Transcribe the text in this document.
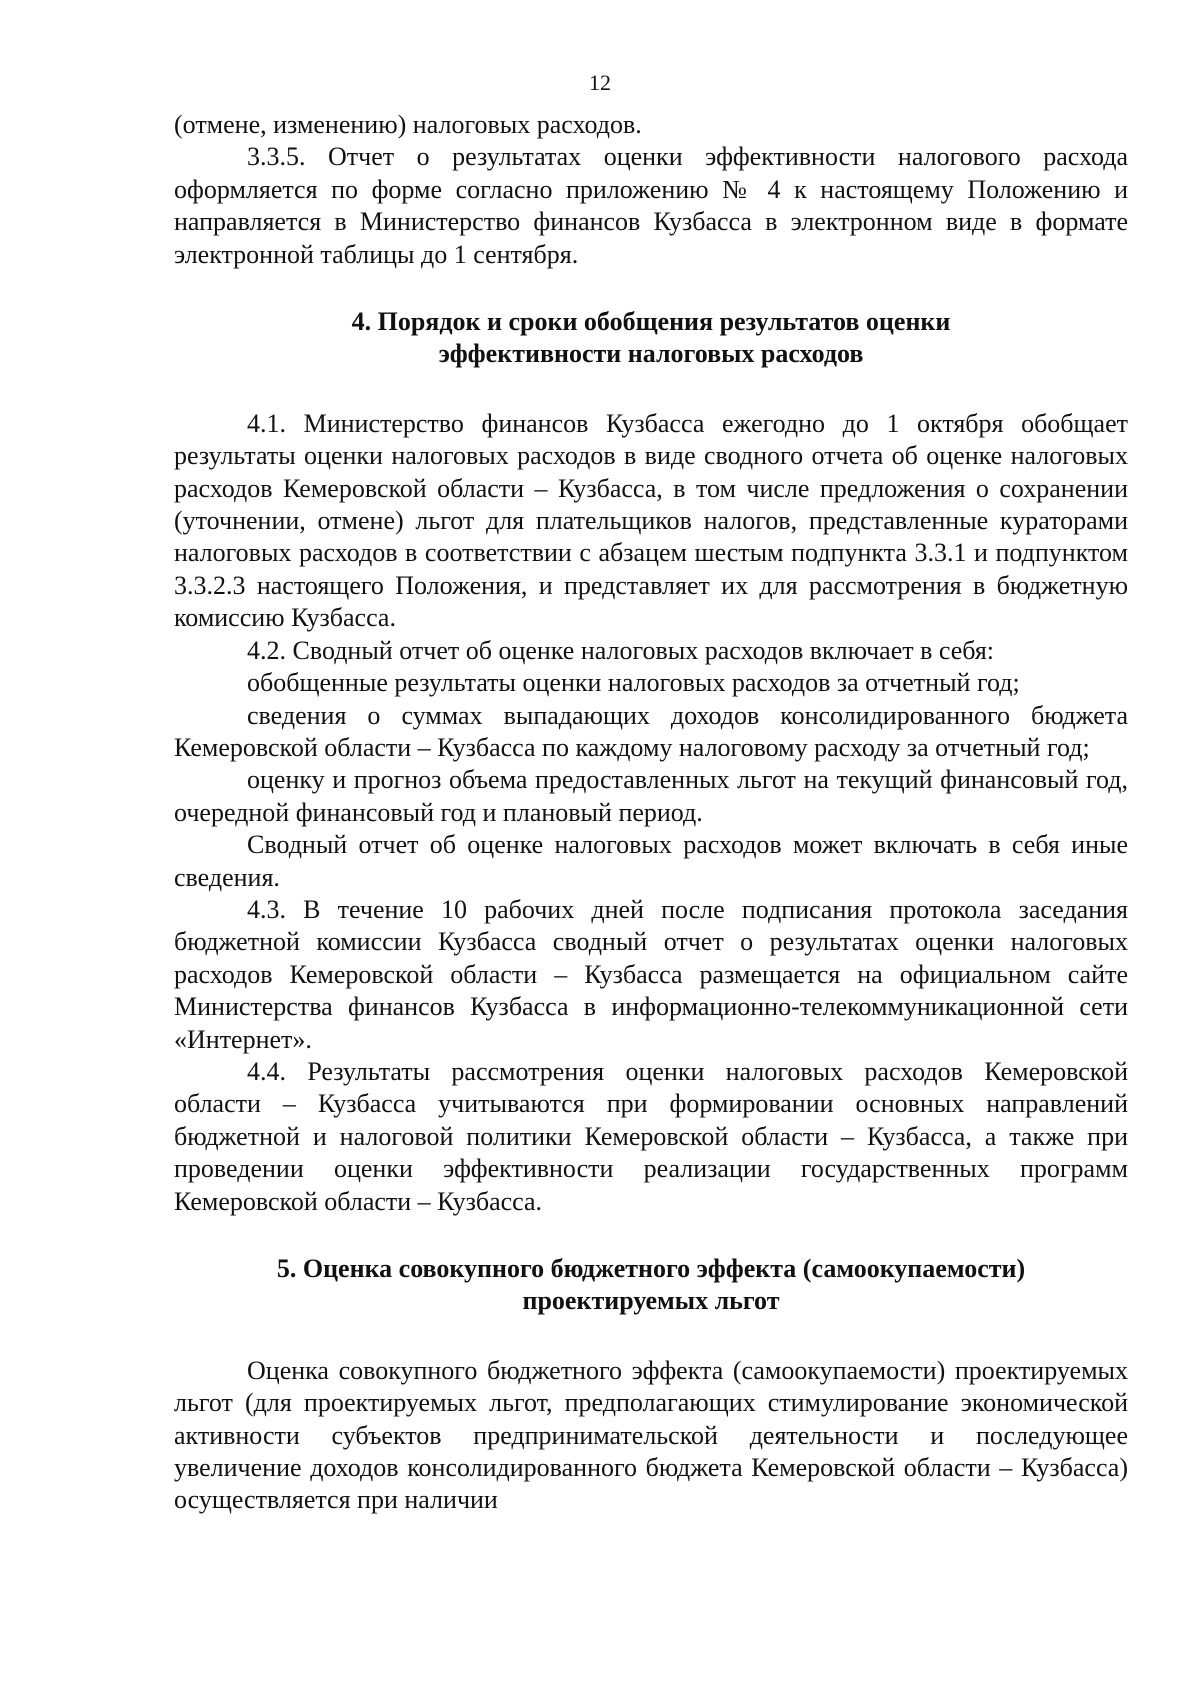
12

(отмене, изменению) налоговых расходов.

3.3.5. Отчет о результатах оценки эффективности налогового расхода оформляется по форме согласно приложению № 4 к настоящему Положению и направляется в Министерство финансов Кузбасса в электронном виде в формате электронной таблицы до 1 сентября.

4. Порядок и сроки обобщения результатов оценки
эффективности налоговых расходов

4.1. Министерство финансов Кузбасса ежегодно до 1 октября обобщает результаты оценки налоговых расходов в виде сводного отчета об оценке налоговых расходов Кемеровской области – Кузбасса, в том числе предложения о сохранении (уточнении, отмене) льгот для плательщиков налогов, представленные кураторами налоговых расходов в соответствии с абзацем шестым подпункта 3.3.1 и подпунктом 3.3.2.3 настоящего Положения, и представляет их для рассмотрения в бюджетную комиссию Кузбасса.

4.2. Сводный отчет об оценке налоговых расходов включает в себя:

обобщенные результаты оценки налоговых расходов за отчетный год;

сведения о суммах выпадающих доходов консолидированного бюджета Кемеровской области – Кузбасса по каждому налоговому расходу за отчетный год;

оценку и прогноз объема предоставленных льгот на текущий финансовый год, очередной финансовый год и плановый период.

Сводный отчет об оценке налоговых расходов может включать в себя иные сведения.

4.3. В течение 10 рабочих дней после подписания протокола заседания бюджетной комиссии Кузбасса сводный отчет о результатах оценки налоговых расходов Кемеровской области – Кузбасса размещается на официальном сайте Министерства финансов Кузбасса в информационно-телекоммуникационной сети «Интернет».

4.4. Результаты рассмотрения оценки налоговых расходов Кемеровской области – Кузбасса учитываются при формировании основных направлений бюджетной и налоговой политики Кемеровской области – Кузбасса, а также при проведении оценки эффективности реализации государственных программ Кемеровской области – Кузбасса.

5. Оценка совокупного бюджетного эффекта (самоокупаемости)
проектируемых льгот

Оценка совокупного бюджетного эффекта (самоокупаемости) проектируемых льгот (для проектируемых льгот, предполагающих стимулирование экономической активности субъектов предпринимательской деятельности и последующее увеличение доходов консолидированного бюджета Кемеровской области – Кузбасса) осуществляется при наличии
